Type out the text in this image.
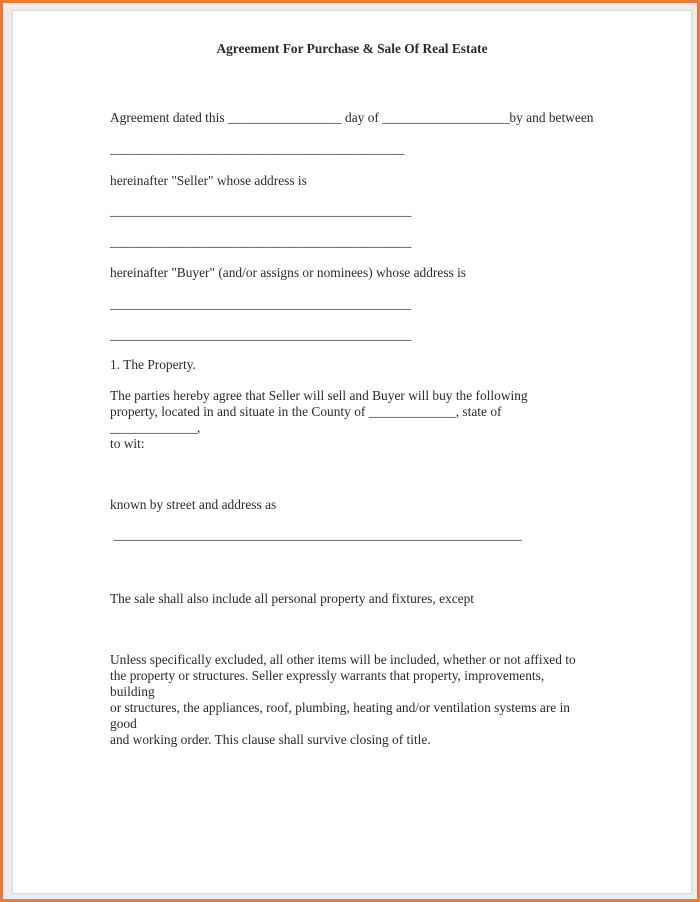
Agreement For Purchase & Sale Of Real Estate
Agreement dated this _________________ day of ___________________by and between
____________________________________________
hereinafter "Seller" whose address is
_____________________________________________
_____________________________________________
hereinafter "Buyer" (and/or assigns or nominees) whose address is
_____________________________________________
_____________________________________________
1. The Property.
The parties hereby agree that Seller will sell and Buyer will buy the following
property, located in and situate in the County of _____________, state of
_____________,
to wit:
known by street and address as
_____________________________________________________________
The sale shall also include all personal property and fixtures, except
Unless specifically excluded, all other items will be included, whether or not affixed to
the property or structures. Seller expressly warrants that property, improvements,
building
or structures, the appliances, roof, plumbing, heating and/or ventilation systems are in
good
and working order. This clause shall survive closing of title.
